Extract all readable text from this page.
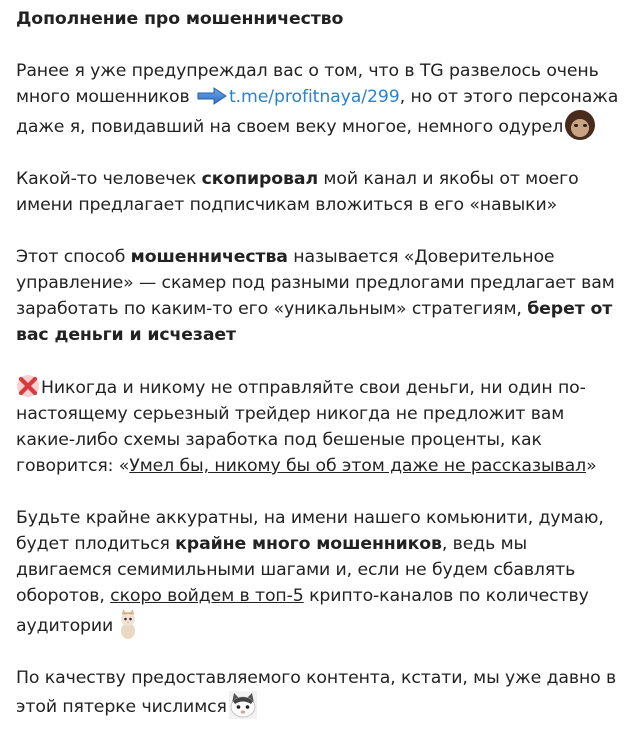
Дополнение про мошенничество

Ранее я уже предупреждал вас о том, что в TG развелось очень много мошенников t.me/profitnaya/299, но от этого персонажа даже я, повидавший на своем веку многое, немного одурел

Какой-то человечек скопировал мой канал и якобы от моего имени предлагает подписчикам вложиться в его «навыки»

Этот способ мошенничества называется «Доверительное управление» — скамер под разными предлогами предлагает вам заработать по каким-то его «уникальным» стратегиям, берет от вас деньги и исчезает

Никогда и никому не отправляйте свои деньги, ни один по-настоящему серьезный трейдер никогда не предложит вам какие-либо схемы заработка под бешеные проценты, как говорится: «Умел бы, никому бы об этом даже не рассказывал»

Будьте крайне аккуратны, на имени нашего комьюнити, думаю, будет плодиться крайне много мошенников, ведь мы двигаемся семимильными шагами и, если не будем сбавлять оборотов, скоро войдем в топ-5 крипто-каналов по количеству аудитории

По качеству предоставляемого контента, кстати, мы уже давно в этой пятерке числимся
